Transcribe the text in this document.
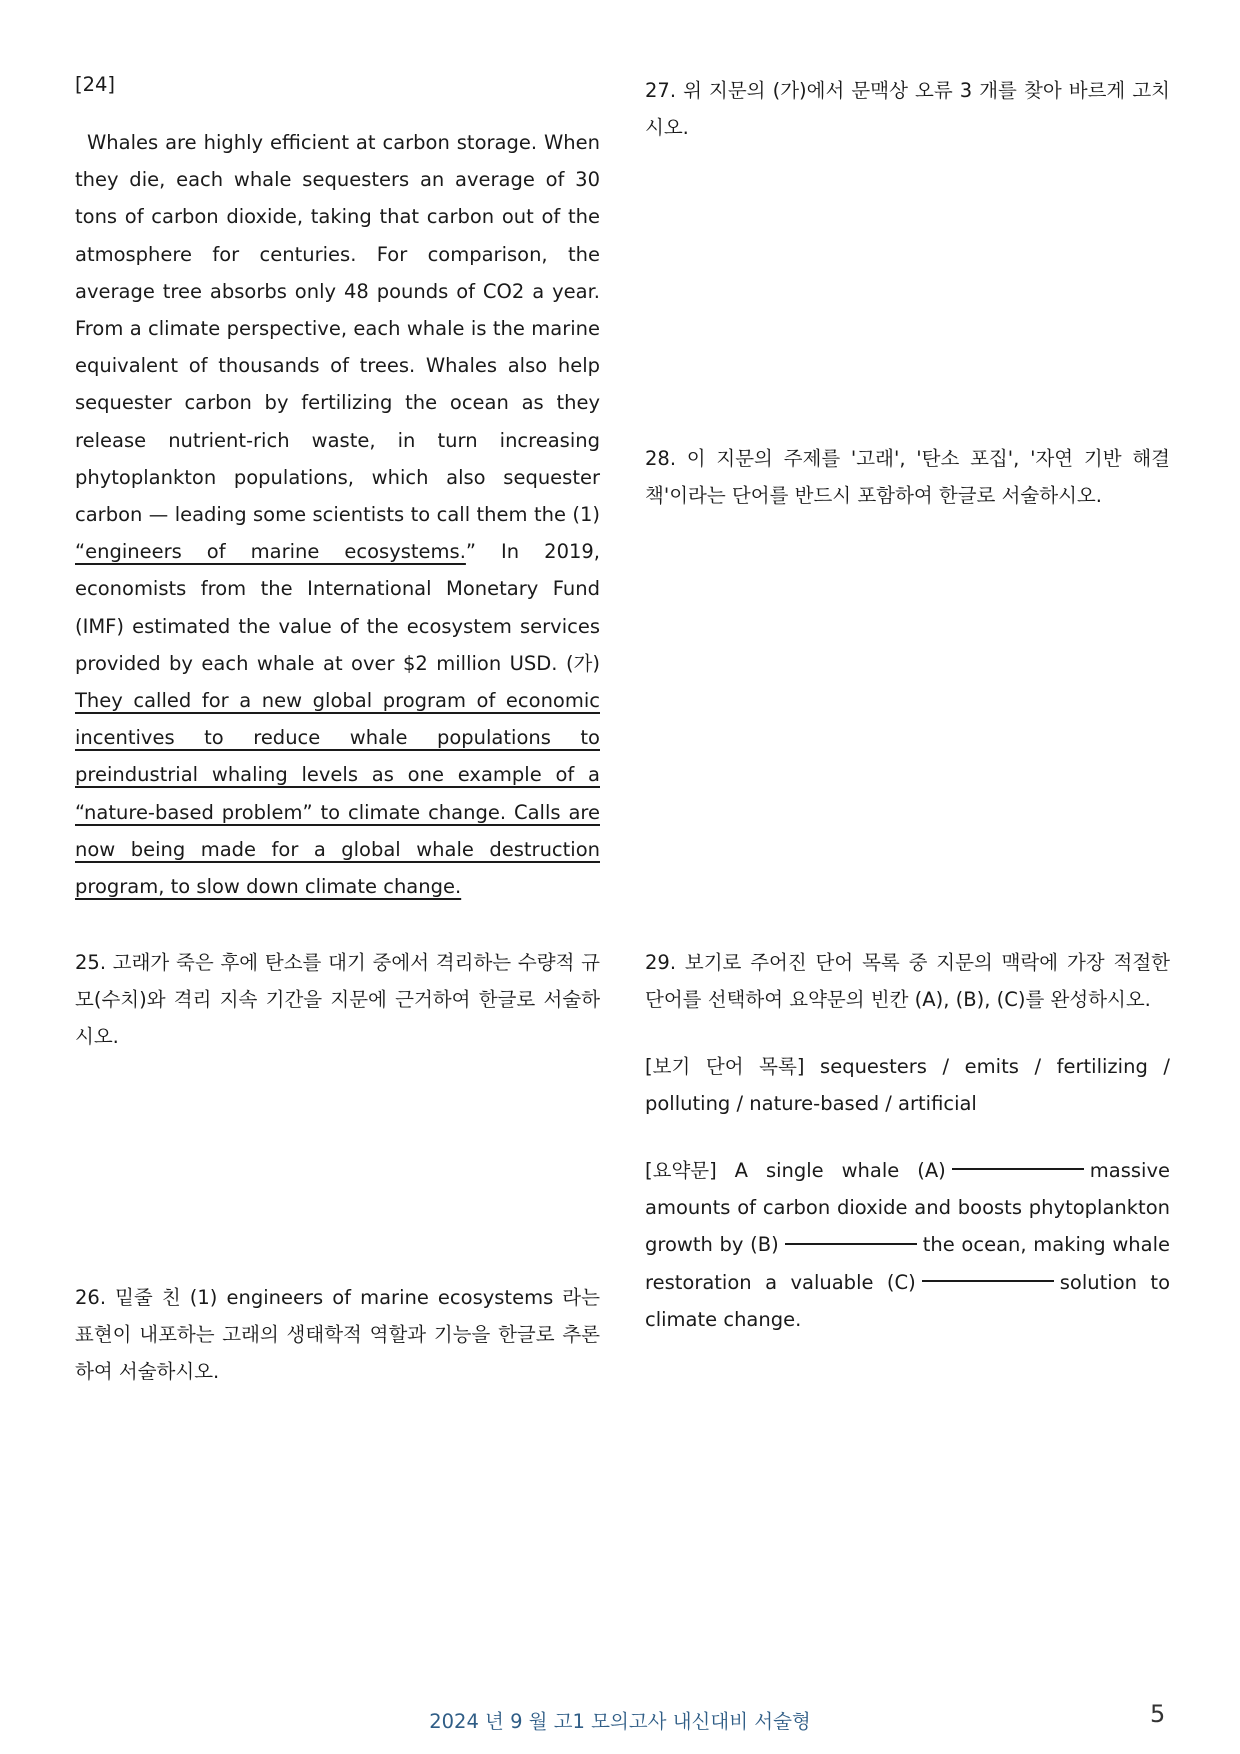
[24]

Whales are highly efficient at carbon storage. When they die, each whale sequesters an average of 30 tons of carbon dioxide, taking that carbon out of the atmosphere for centuries. For comparison, the average tree absorbs only 48 pounds of CO2 a year. From a climate perspective, each whale is the marine equivalent of thousands of trees. Whales also help sequester carbon by fertilizing the ocean as they release nutrient-rich waste, in turn increasing phytoplankton populations, which also sequester carbon — leading some scientists to call them the (1) “engineers of marine ecosystems.” In 2019, economists from the International Monetary Fund (IMF) estimated the value of the ecosystem services provided by each whale at over $2 million USD. (가) They called for a new global program of economic incentives to reduce whale populations to preindustrial whaling levels as one example of a “nature-based problem” to climate change. Calls are now being made for a global whale destruction program, to slow down climate change.

25. 고래가 죽은 후에 탄소를 대기 중에서 격리하는 수량적 규모(수치)와 격리 지속 기간을 지문에 근거하여 한글로 서술하시오.

26. 밑줄 친 (1) engineers of marine ecosystems 라는 표현이 내포하는 고래의 생태학적 역할과 기능을 한글로 추론하여 서술하시오.

27. 위 지문의 (가)에서 문맥상 오류 3 개를 찾아 바르게 고치시오.

28. 이 지문의 주제를 '고래', '탄소 포집', '자연 기반 해결책'이라는 단어를 반드시 포함하여 한글로 서술하시오.

29. 보기로 주어진 단어 목록 중 지문의 맥락에 가장 적절한 단어를 선택하여 요약문의 빈칸 (A), (B), (C)를 완성하시오.

[보기 단어 목록] sequesters / emits / fertilizing / polluting / nature-based / artificial

[요약문] A single whale (A)	massive amounts of carbon dioxide and boosts phytoplankton growth by (B)	the ocean, making whale restoration a valuable (C)	solution to climate change.

2024 년 9 월 고1 모의고사 내신대비 서술형	5
